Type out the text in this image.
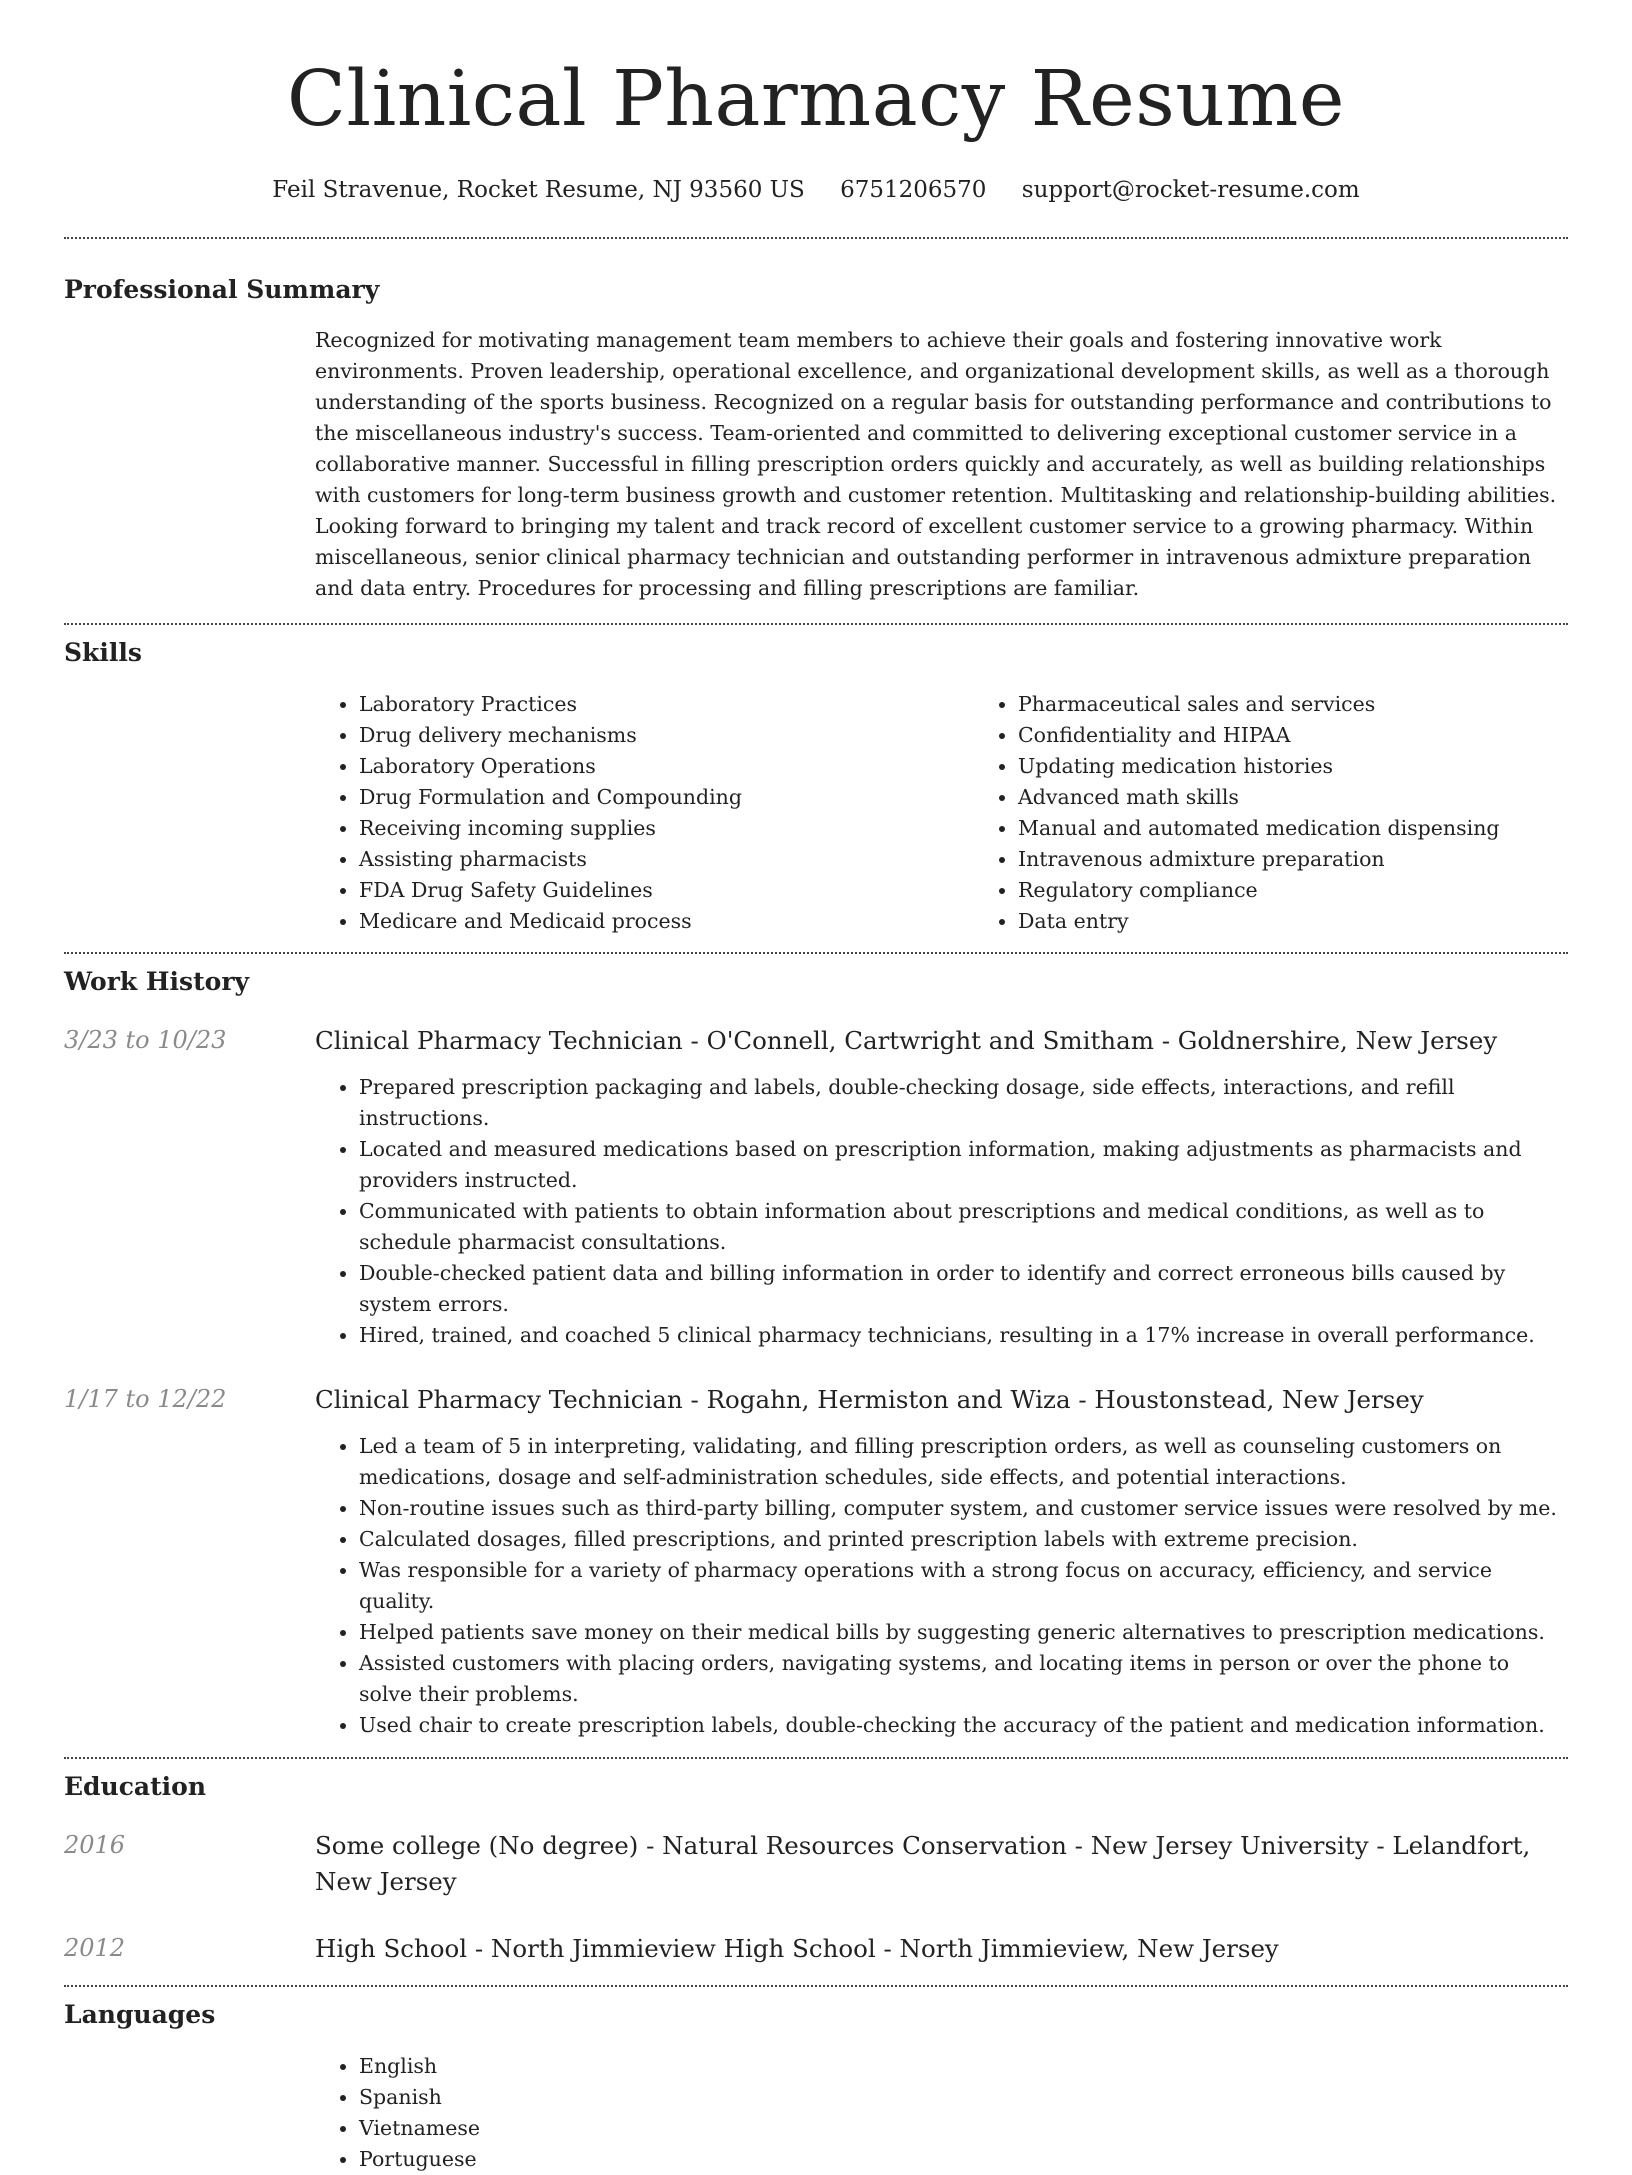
Clinical Pharmacy Resume
Feil Stravenue, Rocket Resume, NJ 93560 US 6751206570 support@rocket-resume.com
Professional Summary
Recognized for motivating management team members to achieve their goals and fostering innovative work environments. Proven leadership, operational excellence, and organizational development skills, as well as a thorough understanding of the sports business. Recognized on a regular basis for outstanding performance and contributions to the miscellaneous industry's success. Team-oriented and committed to delivering exceptional customer service in a collaborative manner. Successful in filling prescription orders quickly and accurately, as well as building relationships with customers for long-term business growth and customer retention. Multitasking and relationship-building abilities. Looking forward to bringing my talent and track record of excellent customer service to a growing pharmacy. Within miscellaneous, senior clinical pharmacy technician and outstanding performer in intravenous admixture preparation and data entry. Procedures for processing and filling prescriptions are familiar.
Skills
• Laboratory Practices
• Drug delivery mechanisms
• Laboratory Operations
• Drug Formulation and Compounding
• Receiving incoming supplies
• Assisting pharmacists
• FDA Drug Safety Guidelines
• Medicare and Medicaid process
• Pharmaceutical sales and services
• Confidentiality and HIPAA
• Updating medication histories
• Advanced math skills
• Manual and automated medication dispensing
• Intravenous admixture preparation
• Regulatory compliance
• Data entry
Work History
3/23 to 10/23	Clinical Pharmacy Technician - O'Connell, Cartwright and Smitham - Goldnershire, New Jersey
• Prepared prescription packaging and labels, double-checking dosage, side effects, interactions, and refill instructions.
• Located and measured medications based on prescription information, making adjustments as pharmacists and providers instructed.
• Communicated with patients to obtain information about prescriptions and medical conditions, as well as to schedule pharmacist consultations.
• Double-checked patient data and billing information in order to identify and correct erroneous bills caused by system errors.
• Hired, trained, and coached 5 clinical pharmacy technicians, resulting in a 17% increase in overall performance.
1/17 to 12/22	Clinical Pharmacy Technician - Rogahn, Hermiston and Wiza - Houstonstead, New Jersey
• Led a team of 5 in interpreting, validating, and filling prescription orders, as well as counseling customers on medications, dosage and self-administration schedules, side effects, and potential interactions.
• Non-routine issues such as third-party billing, computer system, and customer service issues were resolved by me.
• Calculated dosages, filled prescriptions, and printed prescription labels with extreme precision.
• Was responsible for a variety of pharmacy operations with a strong focus on accuracy, efficiency, and service quality.
• Helped patients save money on their medical bills by suggesting generic alternatives to prescription medications.
• Assisted customers with placing orders, navigating systems, and locating items in person or over the phone to solve their problems.
• Used chair to create prescription labels, double-checking the accuracy of the patient and medication information.
Education
2016	Some college (No degree) - Natural Resources Conservation - New Jersey University - Lelandfort, New Jersey
2012	High School - North Jimmieview High School - North Jimmieview, New Jersey
Languages
• English
• Spanish
• Vietnamese
• Portuguese
